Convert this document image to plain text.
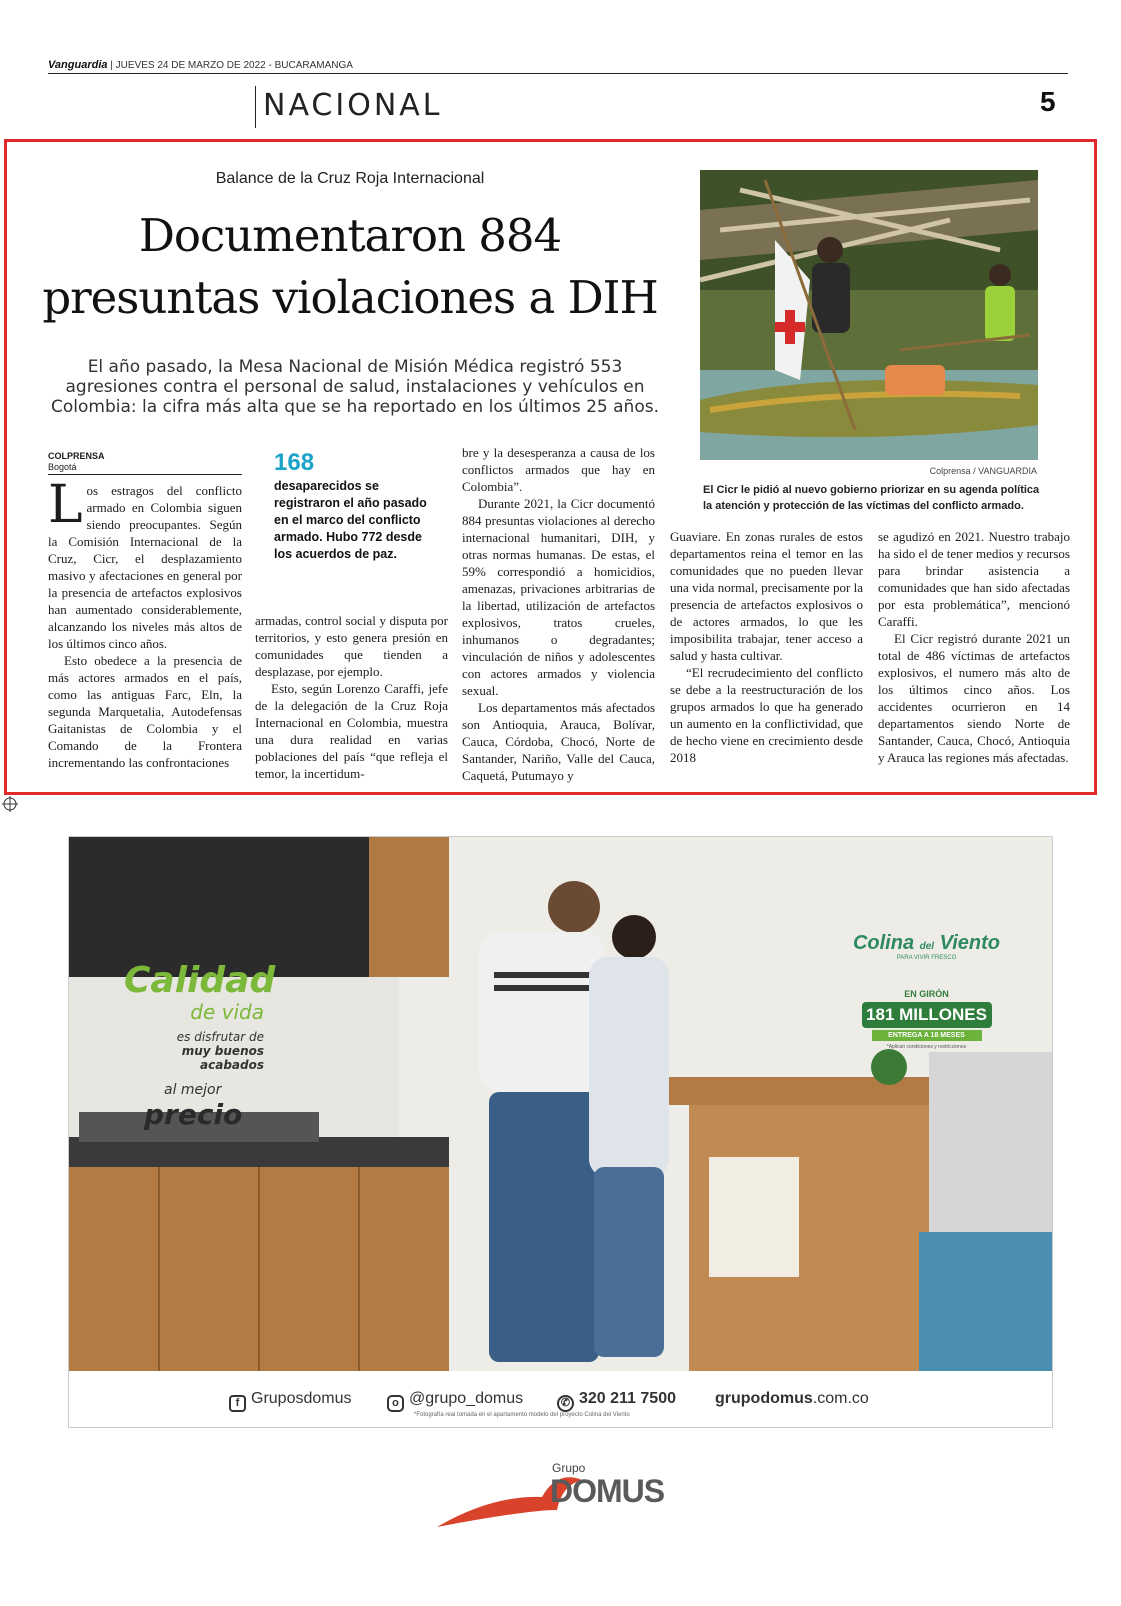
Vanguardia | JUEVES 24 DE MARZO DE 2022 - BUCARAMANGA
NACIONAL	5
Balance de la Cruz Roja Internacional
Documentaron 884
presuntas violaciones a DIH
El año pasado, la Mesa Nacional de Misión Médica registró 553 agresiones contra el personal de salud, instalaciones y vehículos en Colombia: la cifra más alta que se ha reportado en los últimos 25 años.
Colprensa / VANGUARDIA
El Cicr le pidió al nuevo gobierno priorizar en su agenda política la atención y protección de las víctimas del conflicto armado.
COLPRENSA
Bogotá

Los estragos del conflicto armado en Colombia siguen siendo preocupantes. Según la Comisión Internacional de la Cruz, Cicr, el desplazamiento masivo y afectaciones en general por la presencia de artefactos explosivos han aumentado considerablemente, alcanzando los niveles más altos de los últimos cinco años.

Esto obedece a la presencia de más actores armados en el país, como las antiguas Farc, Eln, la segunda Marquetalia, Autodefensas Gaitanistas de Colombia y el Comando de la Frontera incrementando las confrontaciones

168
desaparecidos se registraron el año pasado en el marco del conflicto armado. Hubo 772 desde los acuerdos de paz.

armadas, control social y disputa por territorios, y esto genera presión en comunidades que tienden a desplazase, por ejemplo.

Esto, según Lorenzo Caraffi, jefe de la delegación de la Cruz Roja Internacional en Colombia, muestra una dura realidad en varias poblaciones del país “que refleja el temor, la incertidum-

bre y la desesperanza a causa de los conflictos armados que hay en Colombia”.

Durante 2021, la Cicr documentó 884 presuntas violaciones al derecho internacional humanitari, DIH, y otras normas humanas. De estas, el 59% correspondió a homicidios, amenazas, privaciones arbitrarias de la libertad, utilización de artefactos explosivos, tratos crueles, inhumanos o degradantes; vinculación de niños y adolescentes con actores armados y violencia sexual.

Los departamentos más afectados son Antioquia, Arauca, Bolívar, Cauca, Córdoba, Chocó, Norte de Santander, Nariño, Valle del Cauca, Caquetá, Putumayo y

Guaviare. En zonas rurales de estos departamentos reina el temor en las comunidades que no pueden llevar una vida normal, precisamente por la presencia de artefactos explosivos o de actores armados, lo que les imposibilita trabajar, tener acceso a salud y hasta cultivar.

“El recrudecimiento del conflicto se debe a la reestructuración de los grupos armados lo que ha generado un aumento en la conflictividad, que de hecho viene en crecimiento desde 2018

se agudizó en 2021. Nuestro trabajo ha sido el de tener medios y recursos para brindar asistencia a comunidades que han sido afectadas por esta problemática”, mencionó Caraffi.

El Cicr registró durante 2021 un total de 486 víctimas de artefactos explosivos, el numero más alto de los últimos cinco años. Los accidentes ocurrieron en 14 departamentos siendo Norte de Santander, Cauca, Chocó, Antioquia y Arauca las regiones más afectadas.

Calidad
de vida
es disfrutar de
muy buenos acabados
al mejor
precio
Colina del Viento
PARA VIVIR FRESCO
EN GIRÓN
181 MILLONES
ENTREGA A 18 MESES
*Aplican condiciones y restricciones
f Gruposdomus	o @grupo_domus	✆ 320 211 7500 grupodomus.com.co
*Fotografía real tomada en el apartamento modelo del proyecto Colina del Viento
Grupo
DOMUS
